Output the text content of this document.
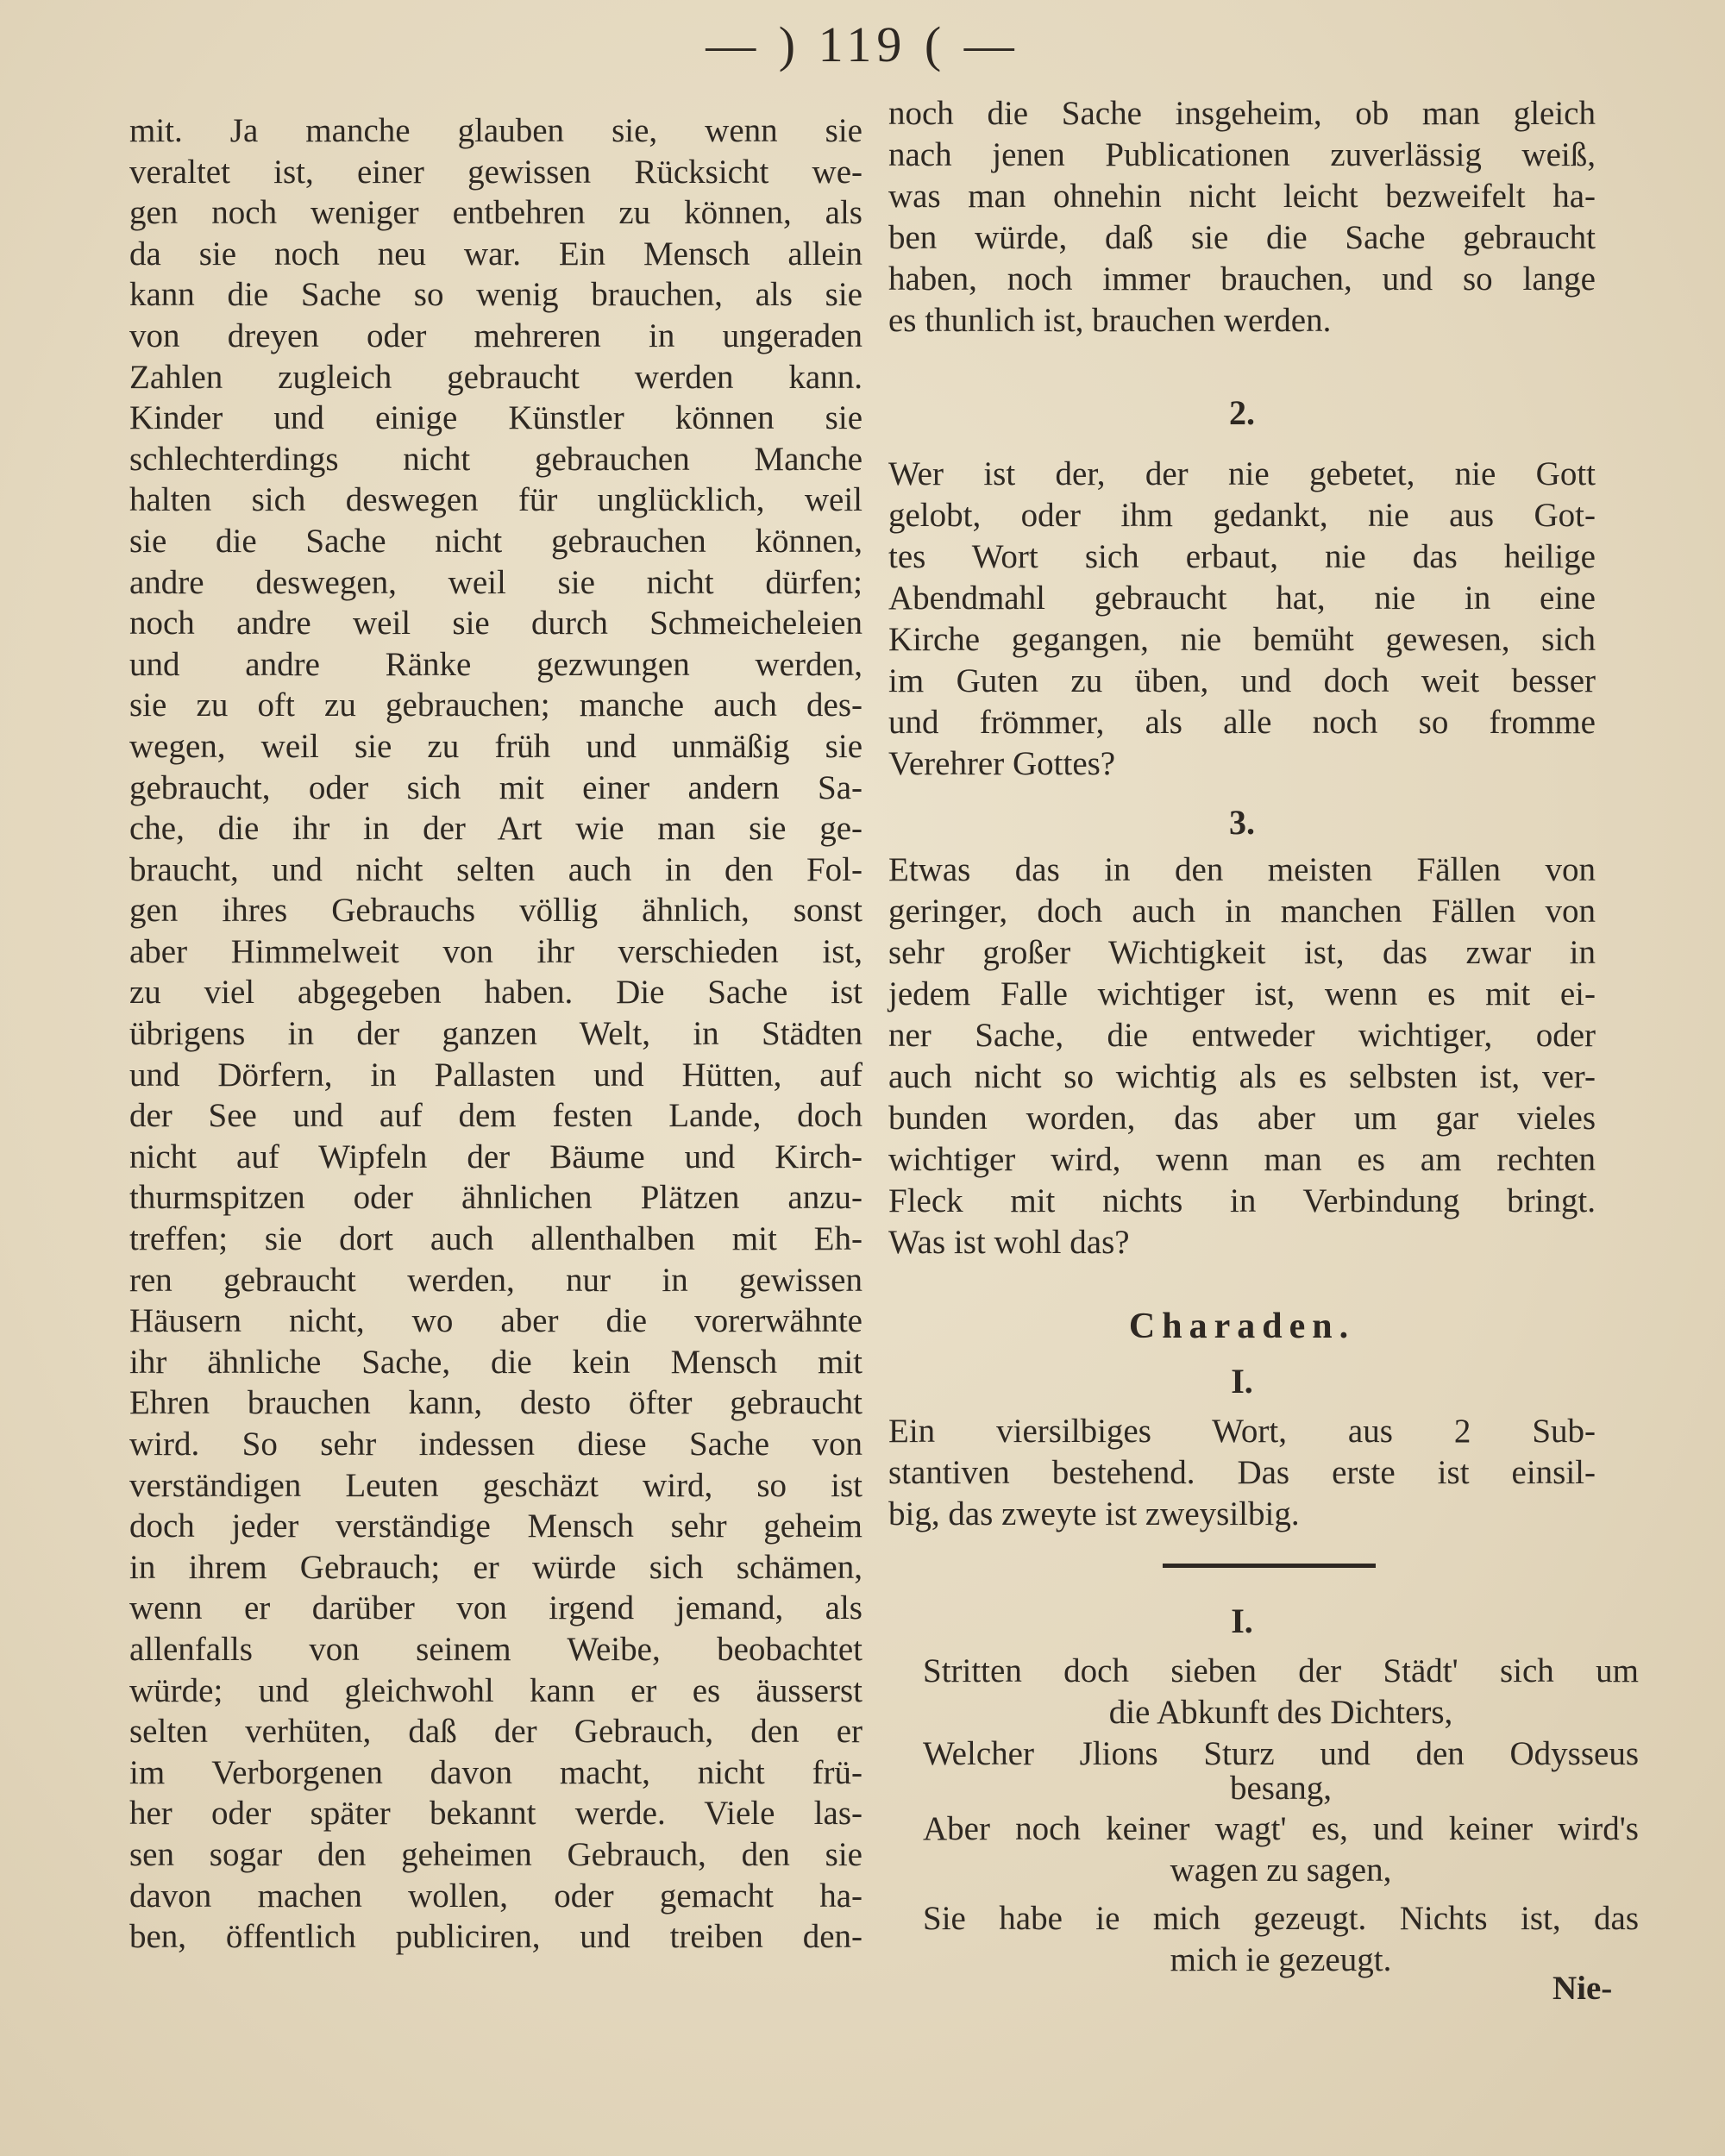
— ) 119 ( —
mit. Ja manche glauben sie, wenn sie
veraltet ist, einer gewissen Rücksicht we-
gen noch weniger entbehren zu können, als
da sie noch neu war. Ein Mensch allein
kann die Sache so wenig brauchen, als sie
von dreyen oder mehreren in ungeraden
Zahlen zugleich gebraucht werden kann.
Kinder und einige Künstler können sie
schlechterdings nicht gebrauchen Manche
halten sich deswegen für unglücklich, weil
sie die Sache nicht gebrauchen können,
andre deswegen, weil sie nicht dürfen;
noch andre weil sie durch Schmeicheleien
und andre Ränke gezwungen werden,
sie zu oft zu gebrauchen; manche auch des-
wegen, weil sie zu früh und unmäßig sie
gebraucht, oder sich mit einer andern Sa-
che, die ihr in der Art wie man sie ge-
braucht, und nicht selten auch in den Fol-
gen ihres Gebrauchs völlig ähnlich, sonst
aber Himmelweit von ihr verschieden ist,
zu viel abgegeben haben. Die Sache ist
übrigens in der ganzen Welt, in Städten
und Dörfern, in Pallasten und Hütten, auf
der See und auf dem festen Lande, doch
nicht auf Wipfeln der Bäume und Kirch-
thurmspitzen oder ähnlichen Plätzen anzu-
treffen; sie dort auch allenthalben mit Eh-
ren gebraucht werden, nur in gewissen
Häusern nicht, wo aber die vorerwähnte
ihr ähnliche Sache, die kein Mensch mit
Ehren brauchen kann, desto öfter gebraucht
wird. So sehr indessen diese Sache von
verständigen Leuten geschäzt wird, so ist
doch jeder verständige Mensch sehr geheim
in ihrem Gebrauch; er würde sich schämen,
wenn er darüber von irgend jemand, als
allenfalls von seinem Weibe, beobachtet
würde; und gleichwohl kann er es äusserst
selten verhüten, daß der Gebrauch, den er
im Verborgenen davon macht, nicht frü-
her oder später bekannt werde. Viele las-
sen sogar den geheimen Gebrauch, den sie
davon machen wollen, oder gemacht ha-
ben, öffentlich publiciren, und treiben den-
noch die Sache insgeheim, ob man gleich
nach jenen Publicationen zuverlässig weiß,
was man ohnehin nicht leicht bezweifelt ha-
ben würde, daß sie die Sache gebraucht
haben, noch immer brauchen, und so lange
es thunlich ist, brauchen werden.
2.
Wer ist der, der nie gebetet, nie Gott
gelobt, oder ihm gedankt, nie aus Got-
tes Wort sich erbaut, nie das heilige
Abendmahl gebraucht hat, nie in eine
Kirche gegangen, nie bemüht gewesen, sich
im Guten zu üben, und doch weit besser
und frömmer, als alle noch so fromme
Verehrer Gottes?
3.
Etwas das in den meisten Fällen von
geringer, doch auch in manchen Fällen von
sehr großer Wichtigkeit ist, das zwar in
jedem Falle wichtiger ist, wenn es mit ei-
ner Sache, die entweder wichtiger, oder
auch nicht so wichtig als es selbsten ist, ver-
bunden worden, das aber um gar vieles
wichtiger wird, wenn man es am rechten
Fleck mit nichts in Verbindung bringt.
Was ist wohl das?
Charaden.
I.
Ein viersilbiges Wort, aus 2 Sub-
stantiven bestehend. Das erste ist einsil-
big, das zweyte ist zweysilbig.
I.
Stritten doch sieben der Städt' sich um
die Abkunft des Dichters,
Welcher Jlions Sturz und den Odysseus
besang,
Aber noch keiner wagt' es, und keiner wird's
wagen zu sagen,
Sie habe ie mich gezeugt. Nichts ist, das
mich ie gezeugt.
Nie-
